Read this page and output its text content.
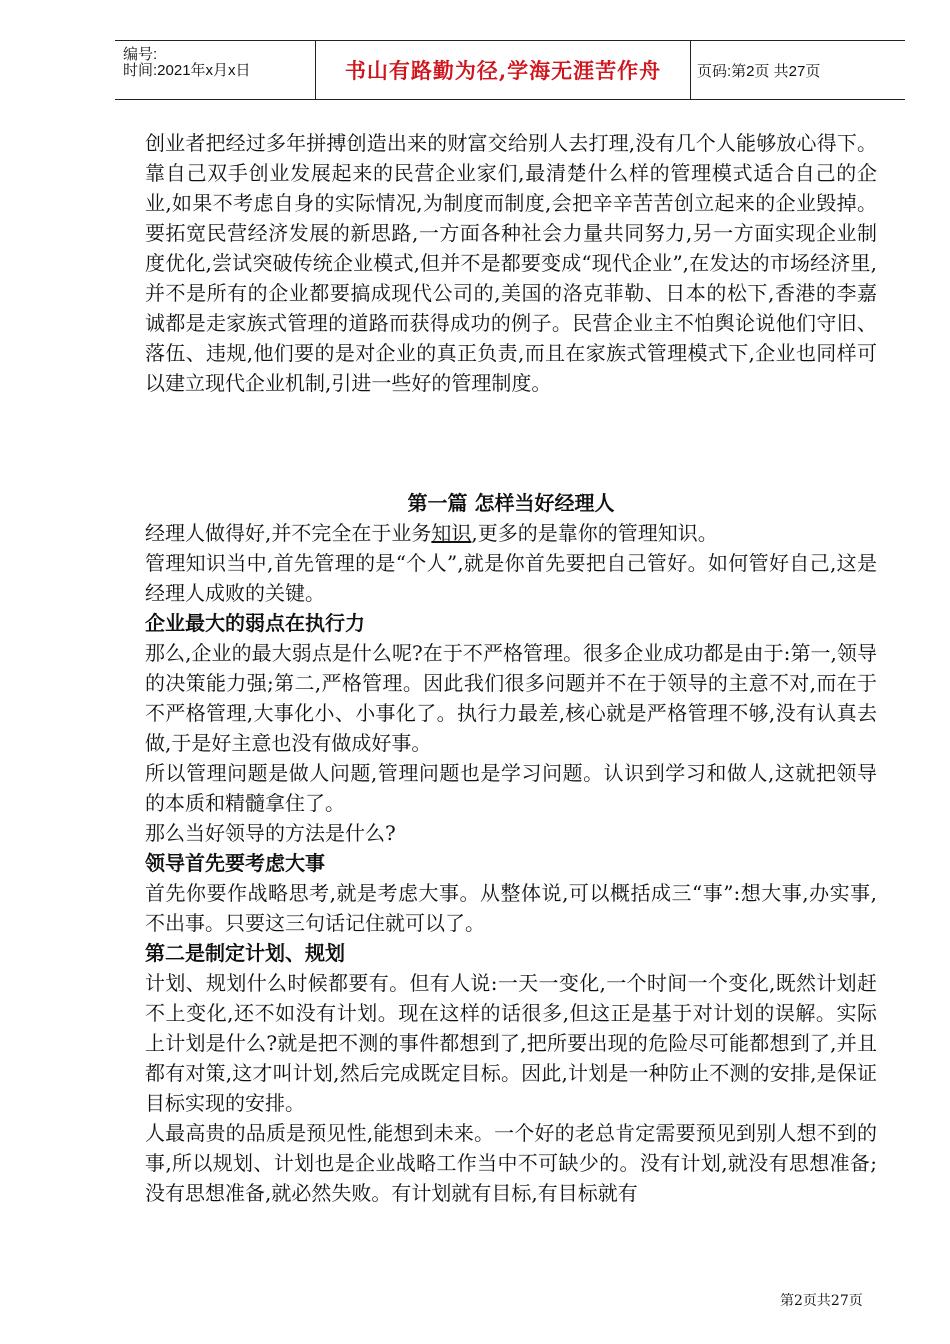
编号:
时间:2021年x月x日	书山有路勤为径,学海无涯苦作舟	页码:第2页 共27页

创业者把经过多年拼搏创造出来的财富交给别人去打理,没有几个人能够放心得下。靠自己双手创业发展起来的民营企业家们,最清楚什么样的管理模式适合自己的企业,如果不考虑自身的实际情况,为制度而制度,会把辛辛苦苦创立起来的企业毁掉。要拓宽民营经济发展的新思路,一方面各种社会力量共同努力,另一方面实现企业制度优化,尝试突破传统企业模式,但并不是都要变成“现代企业”,在发达的市场经济里,并不是所有的企业都要搞成现代公司的,美国的洛克菲勒、日本的松下,香港的李嘉诚都是走家族式管理的道路而获得成功的例子。民营企业主不怕舆论说他们守旧、落伍、违规,他们要的是对企业的真正负责,而且在家族式管理模式下,企业也同样可以建立现代企业机制,引进一些好的管理制度。

第一篇 怎样当好经理人

经理人做得好,并不完全在于业务知识,更多的是靠你的管理知识。

管理知识当中,首先管理的是“个人”,就是你首先要把自己管好。如何管好自己,这是经理人成败的关键。

企业最大的弱点在执行力

那么,企业的最大弱点是什么呢?在于不严格管理。很多企业成功都是由于:第一,领导的决策能力强;第二,严格管理。因此我们很多问题并不在于领导的主意不对,而在于不严格管理,大事化小、小事化了。执行力最差,核心就是严格管理不够,没有认真去做,于是好主意也没有做成好事。

所以管理问题是做人问题,管理问题也是学习问题。认识到学习和做人,这就把领导的本质和精髓拿住了。

那么当好领导的方法是什么?

领导首先要考虑大事

首先你要作战略思考,就是考虑大事。从整体说,可以概括成三“事”:想大事,办实事,不出事。只要这三句话记住就可以了。

第二是制定计划、规划

计划、规划什么时候都要有。但有人说:一天一变化,一个时间一个变化,既然计划赶不上变化,还不如没有计划。现在这样的话很多,但这正是基于对计划的误解。实际上计划是什么?就是把不测的事件都想到了,把所要出现的危险尽可能都想到了,并且都有对策,这才叫计划,然后完成既定目标。因此,计划是一种防止不测的安排,是保证目标实现的安排。

人最高贵的品质是预见性,能想到未来。一个好的老总肯定需要预见到别人想不到的事,所以规划、计划也是企业战略工作当中不可缺少的。没有计划,就没有思想准备;没有思想准备,就必然失败。有计划就有目标,有目标就有

第2页共27页
